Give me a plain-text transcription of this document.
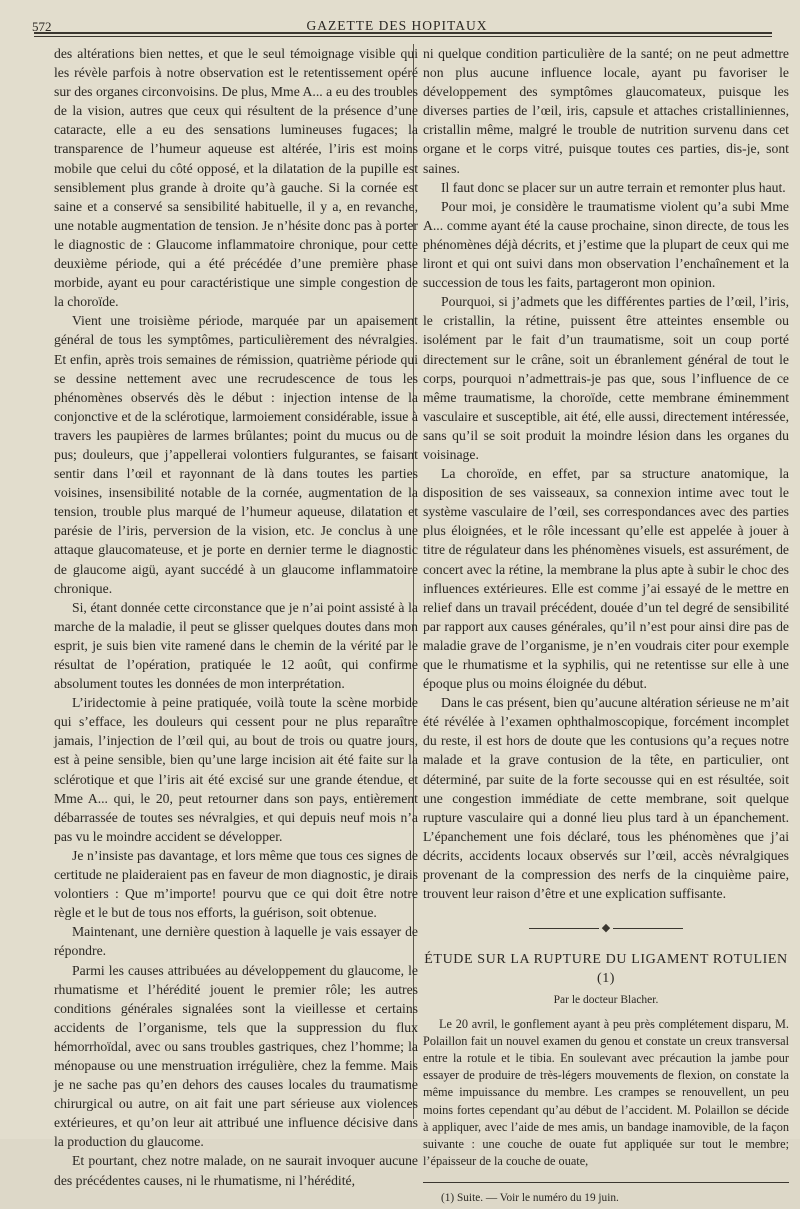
572	GAZETTE DES HOPITAUX

des altérations bien nettes, et que le seul témoignage visible qui les révèle parfois à notre observation est le retentissement opéré sur des organes circonvoisins. De plus, Mme A... a eu des troubles de la vision, autres que ceux qui résultent de la présence d’une cataracte, elle a eu des sensations lumineuses fugaces; la transparence de l’humeur aqueuse est altérée, l’iris est moins mobile que celui du côté opposé, et la dilatation de la pupille est sensiblement plus grande à droite qu’à gauche. Si la cornée est saine et a conservé sa sensibilité habituelle, il y a, en revanche, une notable augmentation de tension. Je n’hésite donc pas à porter le diagnostic de : Glaucome inflammatoire chronique, pour cette deuxième période, qui a été précédée d’une première phase morbide, ayant eu pour caractéristique une simple congestion de la choroïde.

Vient une troisième période, marquée par un apaisement général de tous les symptômes, particulièrement des névralgies. Et enfin, après trois semaines de rémission, quatrième période qui se dessine nettement avec une recrudescence de tous les phénomènes observés dès le début : injection intense de la conjonctive et de la sclérotique, larmoiement considérable, issue à travers les paupières de larmes brûlantes; point du mucus ou de pus; douleurs, que j’appellerai volontiers fulgurantes, se faisant sentir dans l’œil et rayonnant de là dans toutes les parties voisines, insensibilité notable de la cornée, augmentation de la tension, trouble plus marqué de l’humeur aqueuse, dilatation et parésie de l’iris, perversion de la vision, etc. Je conclus à une attaque glaucomateuse, et je porte en dernier terme le diagnostic de glaucome aigü, ayant succédé à un glaucome inflammatoire chronique.

Si, étant donnée cette circonstance que je n’ai point assisté à la marche de la maladie, il peut se glisser quelques doutes dans mon esprit, je suis bien vite ramené dans le chemin de la vérité par le résultat de l’opération, pratiquée le 12 août, qui confirme absolument toutes les données de mon interprétation.

L’iridectomie à peine pratiquée, voilà toute la scène morbide qui s’efface, les douleurs qui cessent pour ne plus reparaître jamais, l’injection de l’œil qui, au bout de trois ou quatre jours, est à peine sensible, bien qu’une large incision ait été faite sur la sclérotique et que l’iris ait été excisé sur une grande étendue, et Mme A... qui, le 20, peut retourner dans son pays, entièrement débarrassée de toutes ses névralgies, et qui depuis neuf mois n’a pas vu le moindre accident se développer.

Je n’insiste pas davantage, et lors même que tous ces signes de certitude ne plaideraient pas en faveur de mon diagnostic, je dirais volontiers : Que m’importe! pourvu que ce qui doit être notre règle et le but de tous nos efforts, la guérison, soit obtenue.

Maintenant, une dernière question à laquelle je vais essayer de répondre.

Parmi les causes attribuées au développement du glaucome, le rhumatisme et l’hérédité jouent le premier rôle; les autres conditions générales signalées sont la vieillesse et certains accidents de l’organisme, tels que la suppression du flux hémorrhoïdal, avec ou sans troubles gastriques, chez l’homme; la ménopause ou une menstruation irrégulière, chez la femme. Mais je ne sache pas qu’en dehors des causes locales du traumatisme chirurgical ou autre, on ait fait une part sérieuse aux violences extérieures, et qu’on leur ait attribué une influence décisive dans la production du glaucome.

Et pourtant, chez notre malade, on ne saurait invoquer aucune des précédentes causes, ni le rhumatisme, ni l’hérédité,

ni quelque condition particulière de la santé; on ne peut admettre non plus aucune influence locale, ayant pu favoriser le développement des symptômes glaucomateux, puisque les diverses parties de l’œil, iris, capsule et attaches cristalliniennes, cristallin même, malgré le trouble de nutrition survenu dans cet organe et le corps vitré, puisque toutes ces parties, dis-je, sont saines.

Il faut donc se placer sur un autre terrain et remonter plus haut.

Pour moi, je considère le traumatisme violent qu’a subi Mme A... comme ayant été la cause prochaine, sinon directe, de tous les phénomènes déjà décrits, et j’estime que la plupart de ceux qui me liront et qui ont suivi dans mon observation l’enchaînement et la succession de tous les faits, partageront mon opinion.

Pourquoi, si j’admets que les différentes parties de l’œil, l’iris, le cristallin, la rétine, puissent être atteintes ensemble ou isolément par le fait d’un traumatisme, soit un coup porté directement sur le crâne, soit un ébranlement général de tout le corps, pourquoi n’admettrais-je pas que, sous l’influence de ce même traumatisme, la choroïde, cette membrane éminemment vasculaire et susceptible, ait été, elle aussi, directement intéressée, sans qu’il se soit produit la moindre lésion dans les organes du voisinage.

La choroïde, en effet, par sa structure anatomique, la disposition de ses vaisseaux, sa connexion intime avec tout le système vasculaire de l’œil, ses correspondances avec des parties plus éloignées, et le rôle incessant qu’elle est appelée à jouer à titre de régulateur dans les phénomènes visuels, est assurément, de concert avec la rétine, la membrane la plus apte à subir le choc des influences extérieures. Elle est comme j’ai essayé de le mettre en relief dans un travail précédent, douée d’un tel degré de sensibilité par rapport aux causes générales, qu’il n’est pour ainsi dire pas de maladie grave de l’organisme, je n’en voudrais citer pour exemple que le rhumatisme et la syphilis, qui ne retentisse sur elle à une époque plus ou moins éloignée du début.

Dans le cas présent, bien qu’aucune altération sérieuse ne m’ait été révélée à l’examen ophthalmoscopique, forcément incomplet du reste, il est hors de doute que les contusions qu’a reçues notre malade et la grave contusion de la tête, en particulier, ont déterminé, par suite de la forte secousse qui en est résultée, soit une congestion immédiate de cette membrane, soit quelque rupture vasculaire qui a donné lieu plus tard à un épanchement. L’épanchement une fois déclaré, tous les phénomènes que j’ai décrits, accidents locaux observés sur l’œil, accès névralgiques provenant de la compression des nerfs de la cinquième paire, trouvent leur raison d’être et une explication suffisante.

◆
ÉTUDE SUR LA RUPTURE DU LIGAMENT ROTULIEN (1)
Par le docteur Blacher.

Le 20 avril, le gonflement ayant à peu près complétement disparu, M. Polaillon fait un nouvel examen du genou et constate un creux transversal entre la rotule et le tibia. En soulevant avec précaution la jambe pour essayer de produire de très-légers mouvements de flexion, on constate la même impuissance du membre. Les crampes se renouvellent, un peu moins fortes cependant qu’au début de l’accident. M. Polaillon se décide à appliquer, avec l’aide de mes amis, un bandage inamovible, de la façon suivante : une couche de ouate fut appliquée sur tout le membre; l’épaisseur de la couche de ouate,

(1) Suite. — Voir le numéro du 19 juin.
